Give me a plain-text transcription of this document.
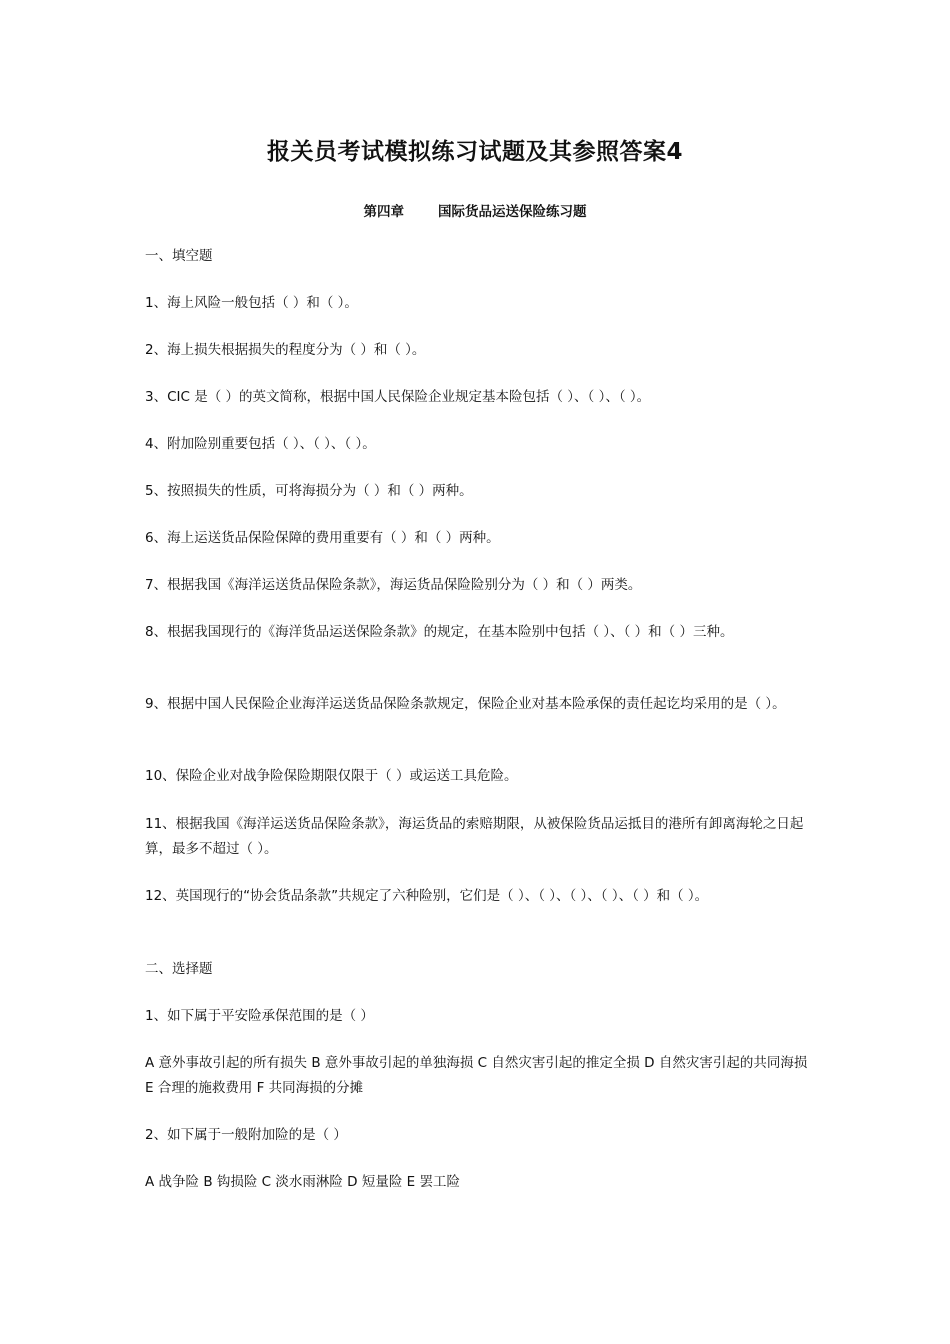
报关员考试模拟练习试题及其参照答案4
第四章	国际货品运送保险练习题
一、填空题
1、海上风险一般包括（ ）和（ ）。
2、海上损失根据损失的程度分为（ ）和（ ）。
3、CIC 是（ ）的英文简称，根据中国人民保险企业规定基本险包括（ ）、（ ）、（ ）。
4、附加险别重要包括（ ）、（ ）、（ ）。
5、按照损失的性质，可将海损分为（ ）和（ ）两种。
6、海上运送货品保险保障的费用重要有（ ）和（ ）两种。
7、根据我国《海洋运送货品保险条款》，海运货品保险险别分为（ ）和（ ）两类。
8、根据我国现行的《海洋货品运送保险条款》的规定，在基本险别中包括（ ）、（ ）和（ ）三种。
9、根据中国人民保险企业海洋运送货品保险条款规定，保险企业对基本险承保的责任起讫均采用的是（ ）。
10、保险企业对战争险保险期限仅限于（ ）或运送工具危险。
11、根据我国《海洋运送货品保险条款》，海运货品的索赔期限，从被保险货品运抵目的港所有卸离海轮之日起算，最多不超过（ ）。
12、英国现行的“协会货品条款”共规定了六种险别，它们是（ ）、（ ）、（ ）、（ ）、（ ）和（ ）。
二、选择题
1、如下属于平安险承保范围的是（ ）
A 意外事故引起的所有损失 B 意外事故引起的单独海损 C 自然灾害引起的推定全损 D 自然灾害引起的共同海损 E 合理的施救费用 F 共同海损的分摊
2、如下属于一般附加险的是（ ）
A 战争险 B 钩损险 C 淡水雨淋险 D 短量险 E 罢工险
